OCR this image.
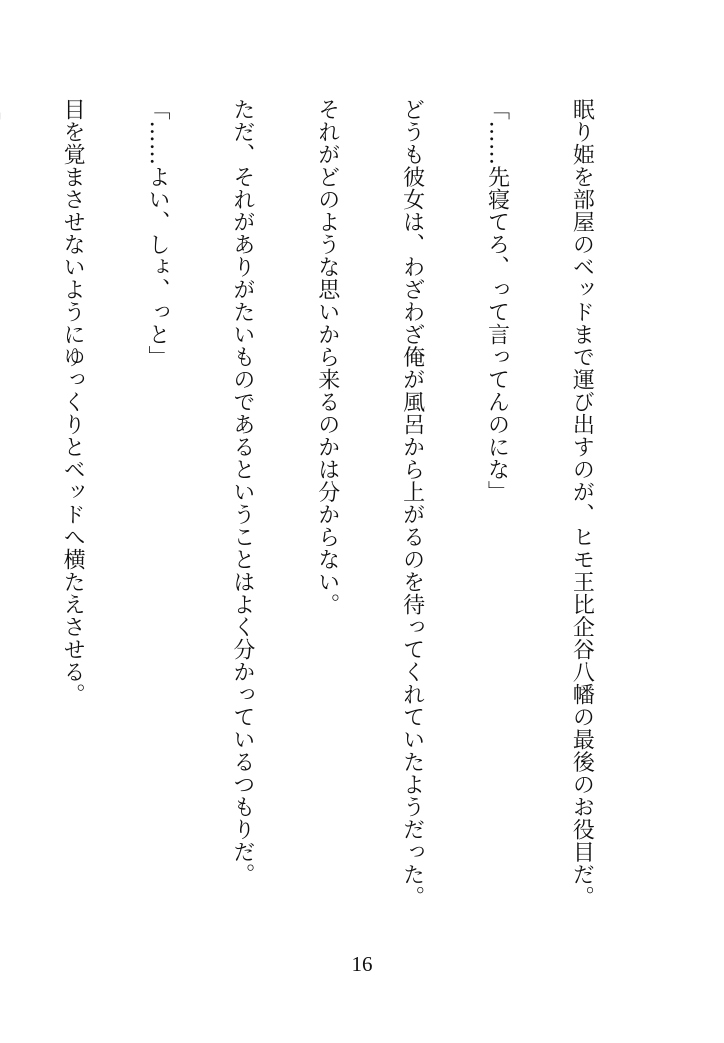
眠り姫を部屋のベッドまで運び出すのが、ヒモ王比企谷八幡の最後のお役目だ。

「……先寝てろ、って言ってんのにな」

どうも彼女は、わざわざ俺が風呂から上がるのを待ってくれていたようだった。

それがどのような思いから来るのかは分からない。

ただ、それがありがたいものであるということはよく分かっているつもりだ。

「……よい、しょ、っと」

目を覚まさせないようにゆっくりとベッドへ横たえさせる。

16
